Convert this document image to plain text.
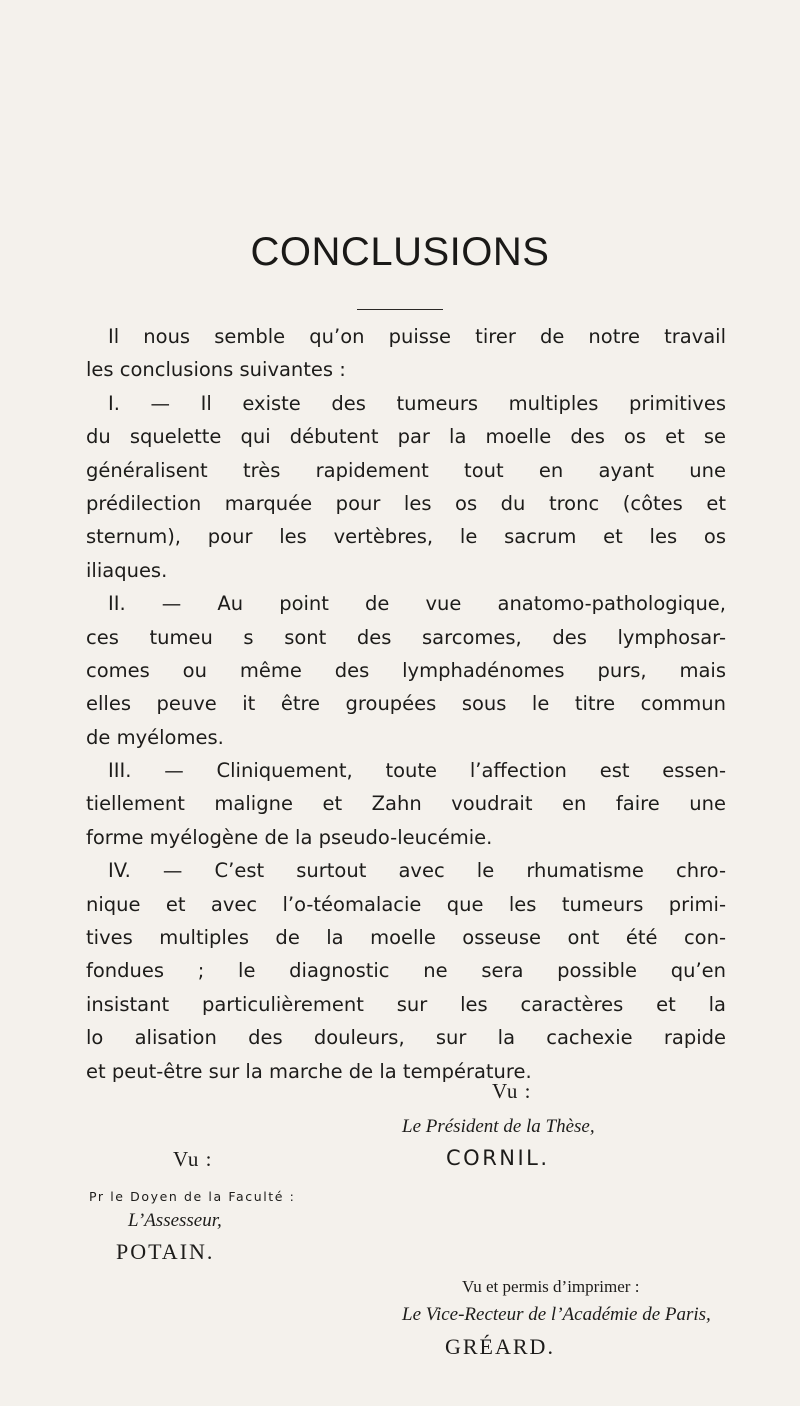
CONCLUSIONS
Il nous semble qu’on puisse tirer de notre travail
les conclusions suivantes :
I. — Il existe des tumeurs multiples primitives
du squelette qui débutent par la moelle des os et se
généralisent très rapidement tout en ayant une
prédilection marquée pour les os du tronc (côtes et
sternum), pour les vertèbres, le sacrum et les os
iliaques.
II. — Au point de vue anatomo-pathologique,
ces tumeu s sont des sarcomes, des lymphosar-
comes ou même des lymphadénomes purs, mais
elles peuve it être groupées sous le titre commun
de myélomes.
III. — Cliniquement, toute l’affection est essen-
tiellement maligne et Zahn voudrait en faire une
forme myélogène de la pseudo-leucémie.
IV. — C’est surtout avec le rhumatisme chro-
nique et avec l’o-téomalacie que les tumeurs primi-
tives multiples de la moelle osseuse ont été con-
fondues ; le diagnostic ne sera possible qu’en
insistant particulièrement sur les caractères et la
lo alisation des douleurs, sur la cachexie rapide
et peut-être sur la marche de la température.
Vu :
Le Président de la Thèse,
CORNIL.
Vu :
Pr le Doyen de la Faculté :
L’Assesseur,
POTAIN.
Vu et permis d’imprimer :
Le Vice-Recteur de l’Académie de Paris,
GRÉARD.
